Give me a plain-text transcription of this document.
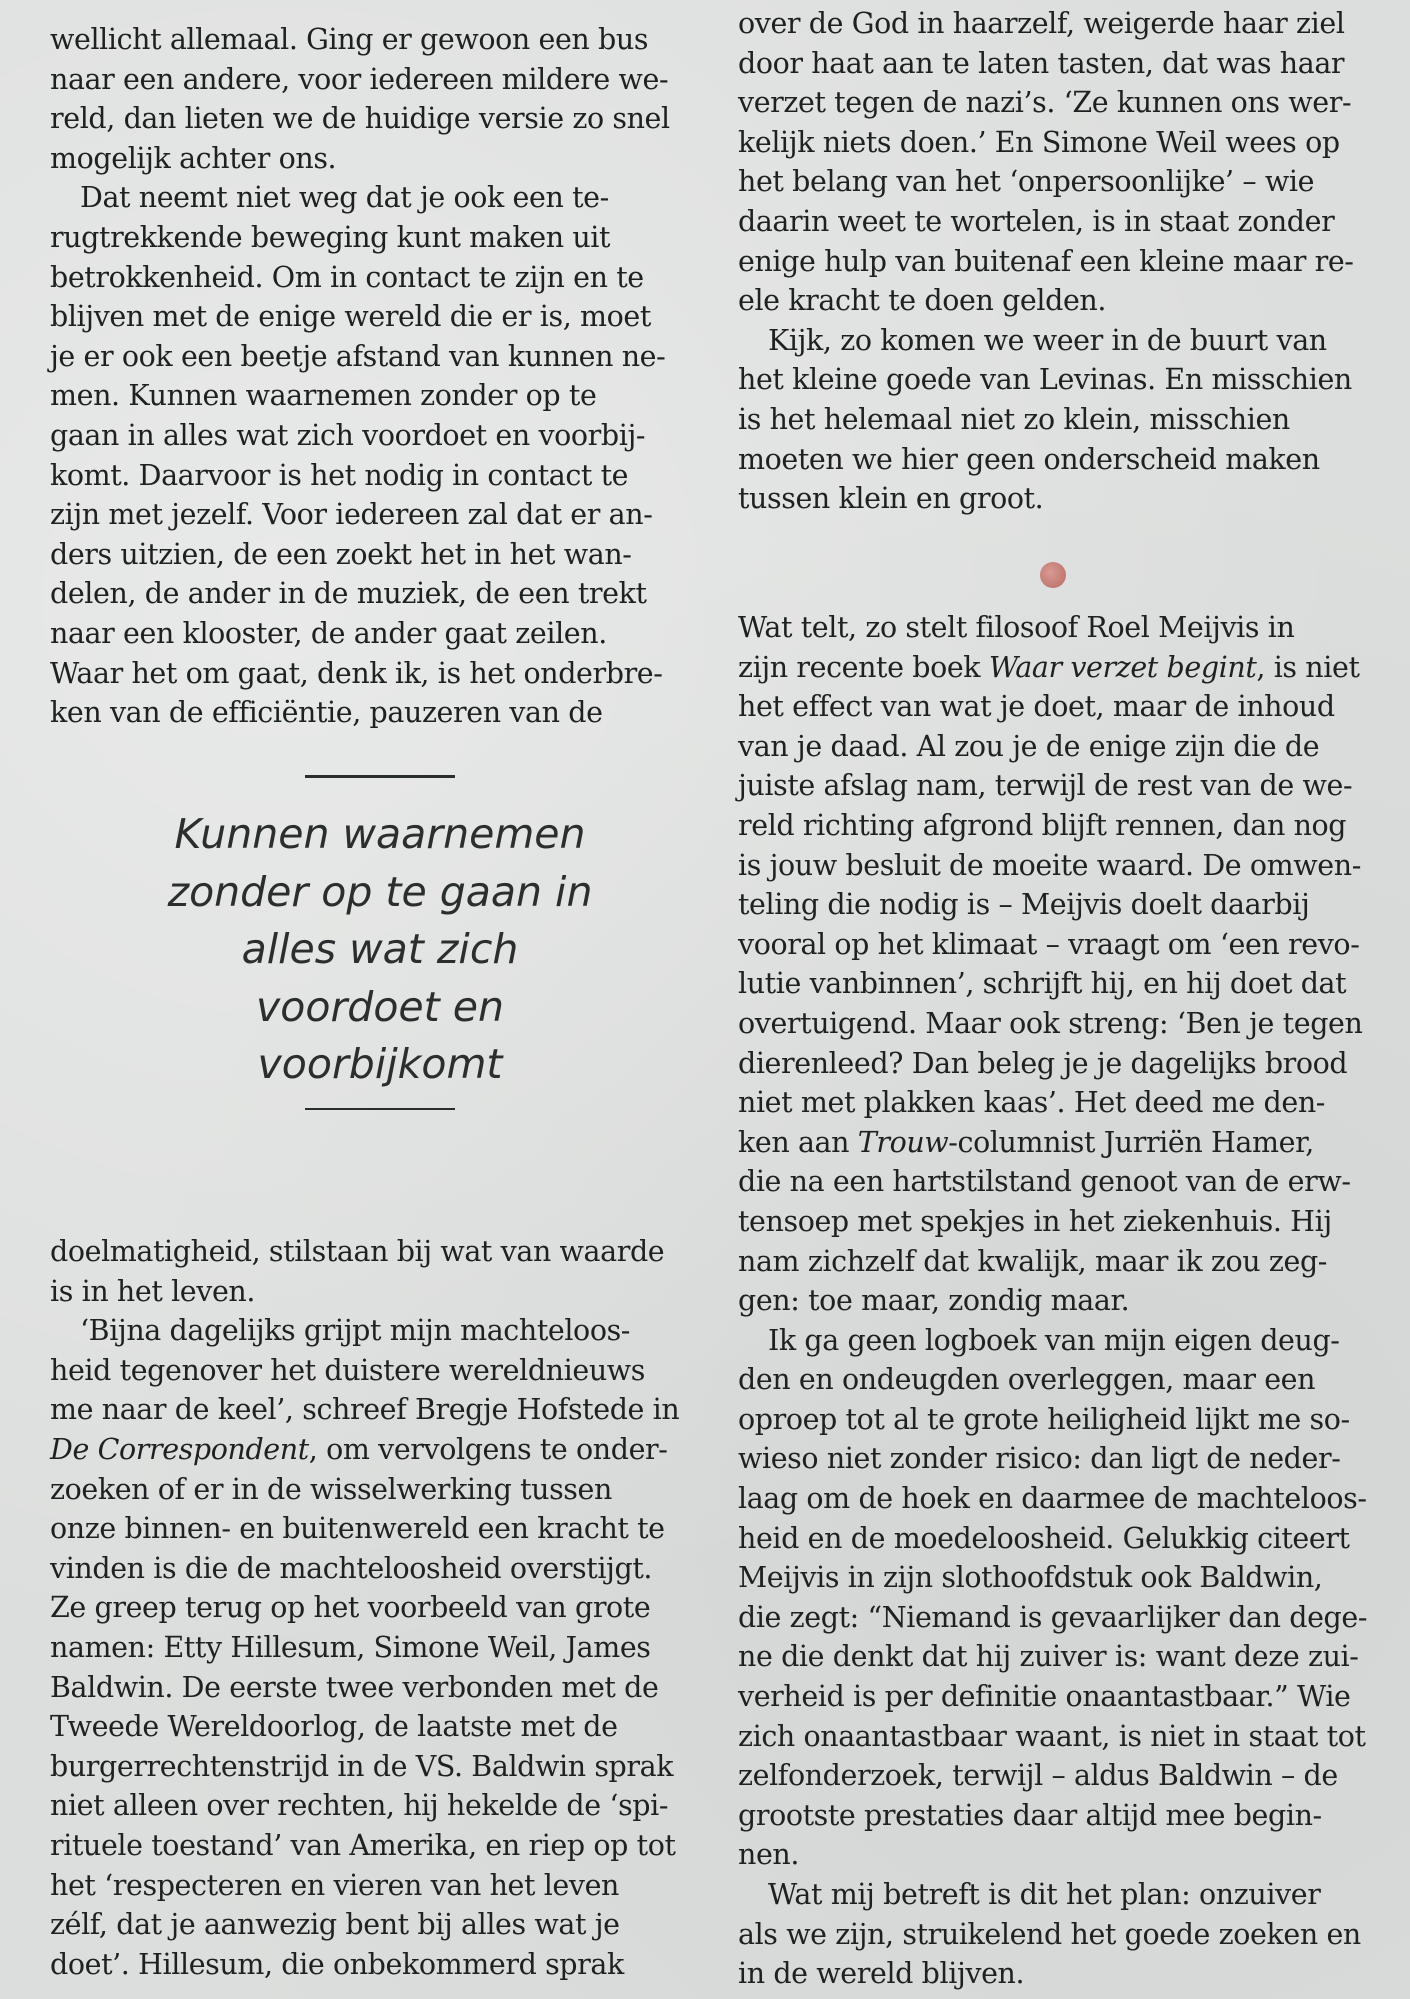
wellicht allemaal. Ging er gewoon een bus

naar een andere, voor iedereen mildere we-

reld, dan lieten we de huidige versie zo snel

mogelijk achter ons.

Dat neemt niet weg dat je ook een te-

rugtrekkende beweging kunt maken uit

betrokkenheid. Om in contact te zijn en te

blijven met de enige wereld die er is, moet

je er ook een beetje afstand van kunnen ne-

men. Kunnen waarnemen zonder op te

gaan in alles wat zich voordoet en voorbij-

komt. Daarvoor is het nodig in contact te

zijn met jezelf. Voor iedereen zal dat er an-

ders uitzien, de een zoekt het in het wan-

delen, de ander in de muziek, de een trekt

naar een klooster, de ander gaat zeilen.

Waar het om gaat, denk ik, is het onderbre-

ken van de efficiëntie, pauzeren van de

Kunnen waarnemen
zonder op te gaan in
alles wat zich
voordoet en
voorbijkomt

doelmatigheid, stilstaan bij wat van waarde

is in het leven.

‘Bijna dagelijks grijpt mijn machteloos-

heid tegenover het duistere wereldnieuws

me naar de keel’, schreef Bregje Hofstede in

De Correspondent, om vervolgens te onder-

zoeken of er in de wisselwerking tussen

onze binnen- en buitenwereld een kracht te

vinden is die de machteloosheid overstijgt.

Ze greep terug op het voorbeeld van grote

namen: Etty Hillesum, Simone Weil, James

Baldwin. De eerste twee verbonden met de

Tweede Wereldoorlog, de laatste met de

burgerrechtenstrijd in de VS. Baldwin sprak

niet alleen over rechten, hij hekelde de ‘spi-

rituele toestand’ van Amerika, en riep op tot

het ‘respecteren en vieren van het leven

zélf, dat je aanwezig bent bij alles wat je

doet’. Hillesum, die onbekommerd sprak

over de God in haarzelf, weigerde haar ziel

door haat aan te laten tasten, dat was haar

verzet tegen de nazi’s. ‘Ze kunnen ons wer-

kelijk niets doen.’ En Simone Weil wees op

het belang van het ‘onpersoonlijke’ – wie

daarin weet te wortelen, is in staat zonder

enige hulp van buitenaf een kleine maar re-

ele kracht te doen gelden.

Kijk, zo komen we weer in de buurt van

het kleine goede van Levinas. En misschien

is het helemaal niet zo klein, misschien

moeten we hier geen onderscheid maken

tussen klein en groot.

Wat telt, zo stelt filosoof Roel Meijvis in

zijn recente boek Waar verzet begint, is niet

het effect van wat je doet, maar de inhoud

van je daad. Al zou je de enige zijn die de

juiste afslag nam, terwijl de rest van de we-

reld richting afgrond blijft rennen, dan nog

is jouw besluit de moeite waard. De omwen-

teling die nodig is – Meijvis doelt daarbij

vooral op het klimaat – vraagt om ‘een revo-

lutie vanbinnen’, schrijft hij, en hij doet dat

overtuigend. Maar ook streng: ‘Ben je tegen

dierenleed? Dan beleg je je dagelijks brood

niet met plakken kaas’. Het deed me den-

ken aan Trouw-columnist Jurriën Hamer,

die na een hartstilstand genoot van de erw-

tensoep met spekjes in het ziekenhuis. Hij

nam zichzelf dat kwalijk, maar ik zou zeg-

gen: toe maar, zondig maar.

Ik ga geen logboek van mijn eigen deug-

den en ondeugden overleggen, maar een

oproep tot al te grote heiligheid lijkt me so-

wieso niet zonder risico: dan ligt de neder-

laag om de hoek en daarmee de machteloos-

heid en de moedeloosheid. Gelukkig citeert

Meijvis in zijn slothoofdstuk ook Baldwin,

die zegt: “Niemand is gevaarlijker dan dege-

ne die denkt dat hij zuiver is: want deze zui-

verheid is per definitie onaantastbaar.” Wie

zich onaantastbaar waant, is niet in staat tot

zelfonderzoek, terwijl – aldus Baldwin – de

grootste prestaties daar altijd mee begin-

nen.

Wat mij betreft is dit het plan: onzuiver

als we zijn, struikelend het goede zoeken en

in de wereld blijven.
